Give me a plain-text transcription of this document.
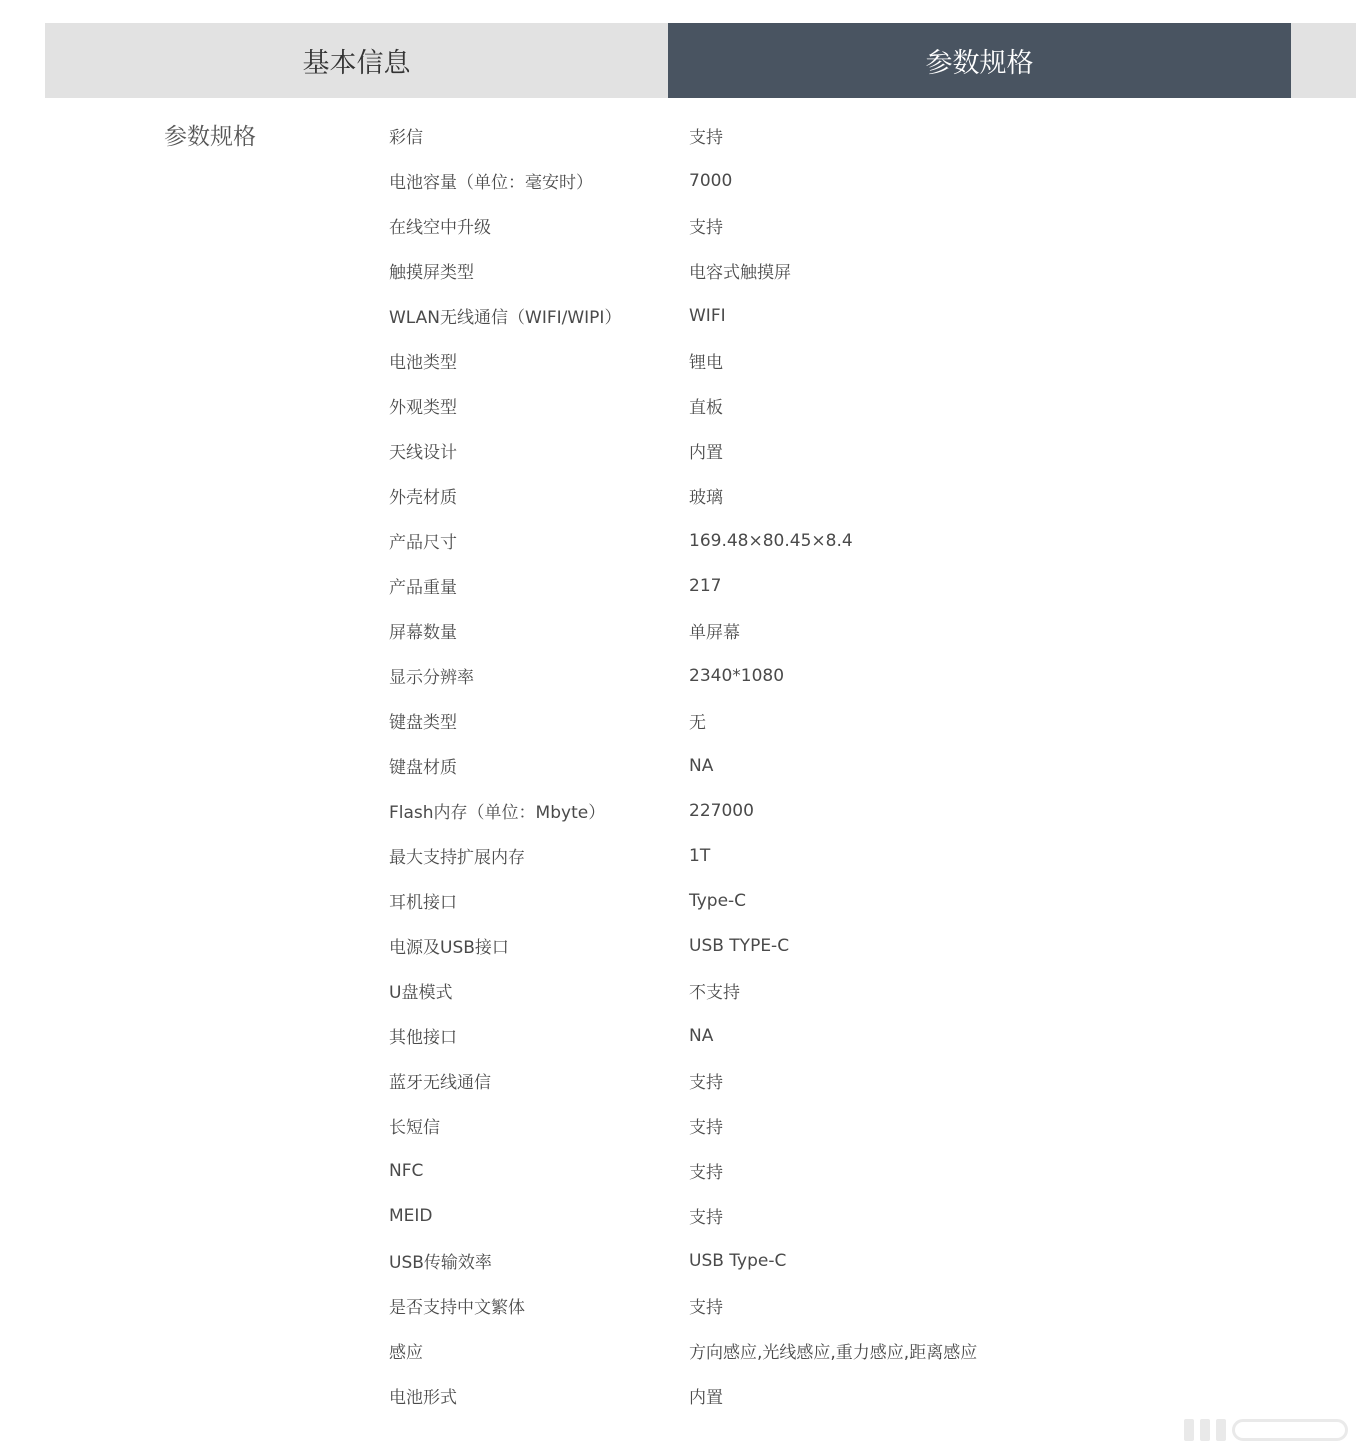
基本信息	参数规格
参数规格	彩信	支持
电池容量（单位：毫安时）	7000
在线空中升级	支持
触摸屏类型	电容式触摸屏
WLAN无线通信（WIFI/WIPI）	WIFI
电池类型	锂电
外观类型	直板
天线设计	内置
外壳材质	玻璃
产品尺寸	169.48×80.45×8.4
产品重量	217
屏幕数量	单屏幕
显示分辨率	2340*1080
键盘类型	无
键盘材质	NA
Flash内存（单位：Mbyte）	227000
最大支持扩展内存	1T
耳机接口	Type-C
电源及USB接口	USB TYPE-C
U盘模式	不支持
其他接口	NA
蓝牙无线通信	支持
长短信	支持
NFC	支持
MEID	支持
USB传输效率	USB Type-C
是否支持中文繁体	支持
感应	方向感应,光线感应,重力感应,距离感应
电池形式	内置
